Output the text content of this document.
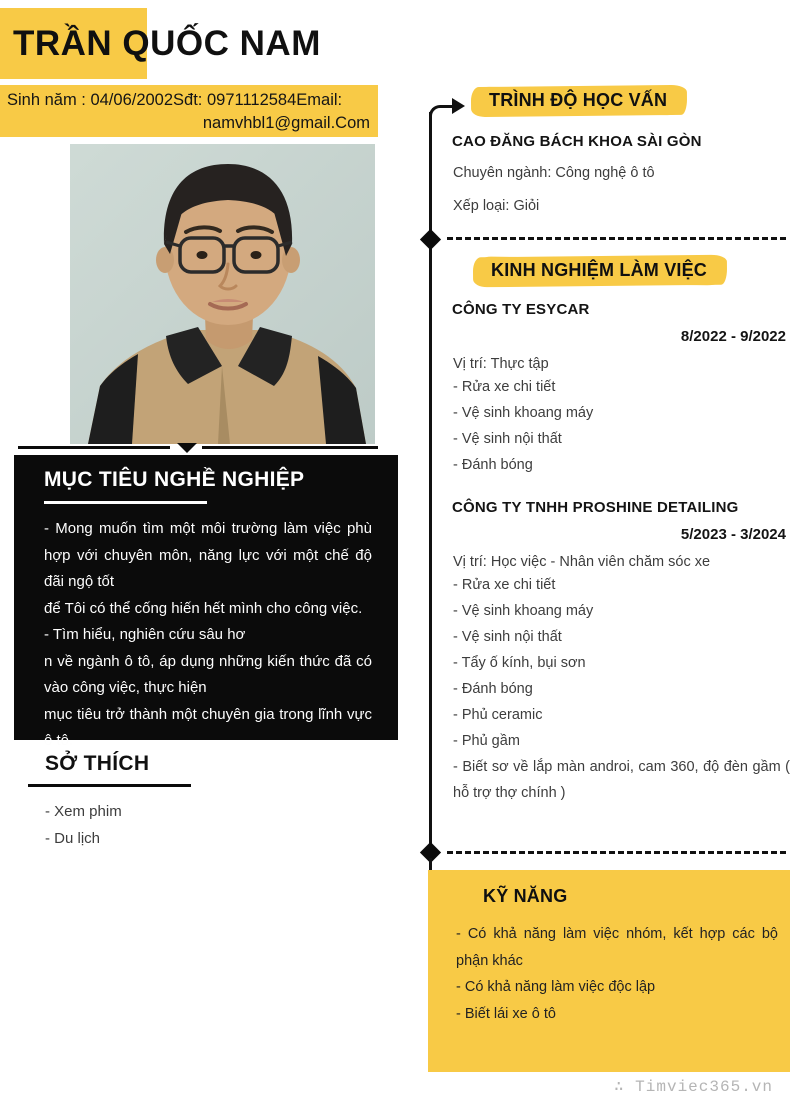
TRẦN QUỐC NAM
Sinh năm : 04/06/2002Sđt: 0971112584Email:
namvhbl1@gmail.Com
MỤC TIÊU NGHỀ NGHIỆP

- Mong muốn tìm một môi trường làm việc phù hợp với chuyên môn, năng lực với một chế độ đãi ngộ tốt

để Tôi có thể cống hiến hết mình cho công việc.

- Tìm hiểu, nghiên cứu sâu hơ

n về ngành ô tô, áp dụng những kiến thức đã có vào công việc, thực hiện

mục tiêu trở thành một chuyên gia trong lĩnh vực ô tô.

SỞ THÍCH
- Xem phim
- Du lịch
TRÌNH ĐỘ HỌC VẤN
CAO ĐĂNG BÁCH KHOA SÀI GÒN
Chuyên ngành: Công nghệ ô tô
Xếp loại: Giỏi
KINH NGHIỆM LÀM VIỆC
CÔNG TY ESYCAR
8/2022 - 9/2022
Vị trí: Thực tập
- Rửa xe chi tiết
- Vệ sinh khoang máy
- Vệ sinh nội thất
- Đánh bóng
CÔNG TY TNHH PROSHINE DETAILING
5/2023 - 3/2024
Vị trí: Học việc - Nhân viên chăm sóc xe
- Rửa xe chi tiết
- Vệ sinh khoang máy
- Vệ sinh nội thất
- Tẩy ố kính, bụi sơn
- Đánh bóng
- Phủ ceramic
- Phủ gầm
- Biết sơ về lắp màn androi, cam 360, độ đèn gầm ( hỗ trợ thợ chính )
KỸ NĂNG
- Có khả năng làm việc nhóm, kết hợp các bộ phận khác
- Có khả năng làm việc độc lập
- Biết lái xe ô tô
∴ Timviec365.vn
